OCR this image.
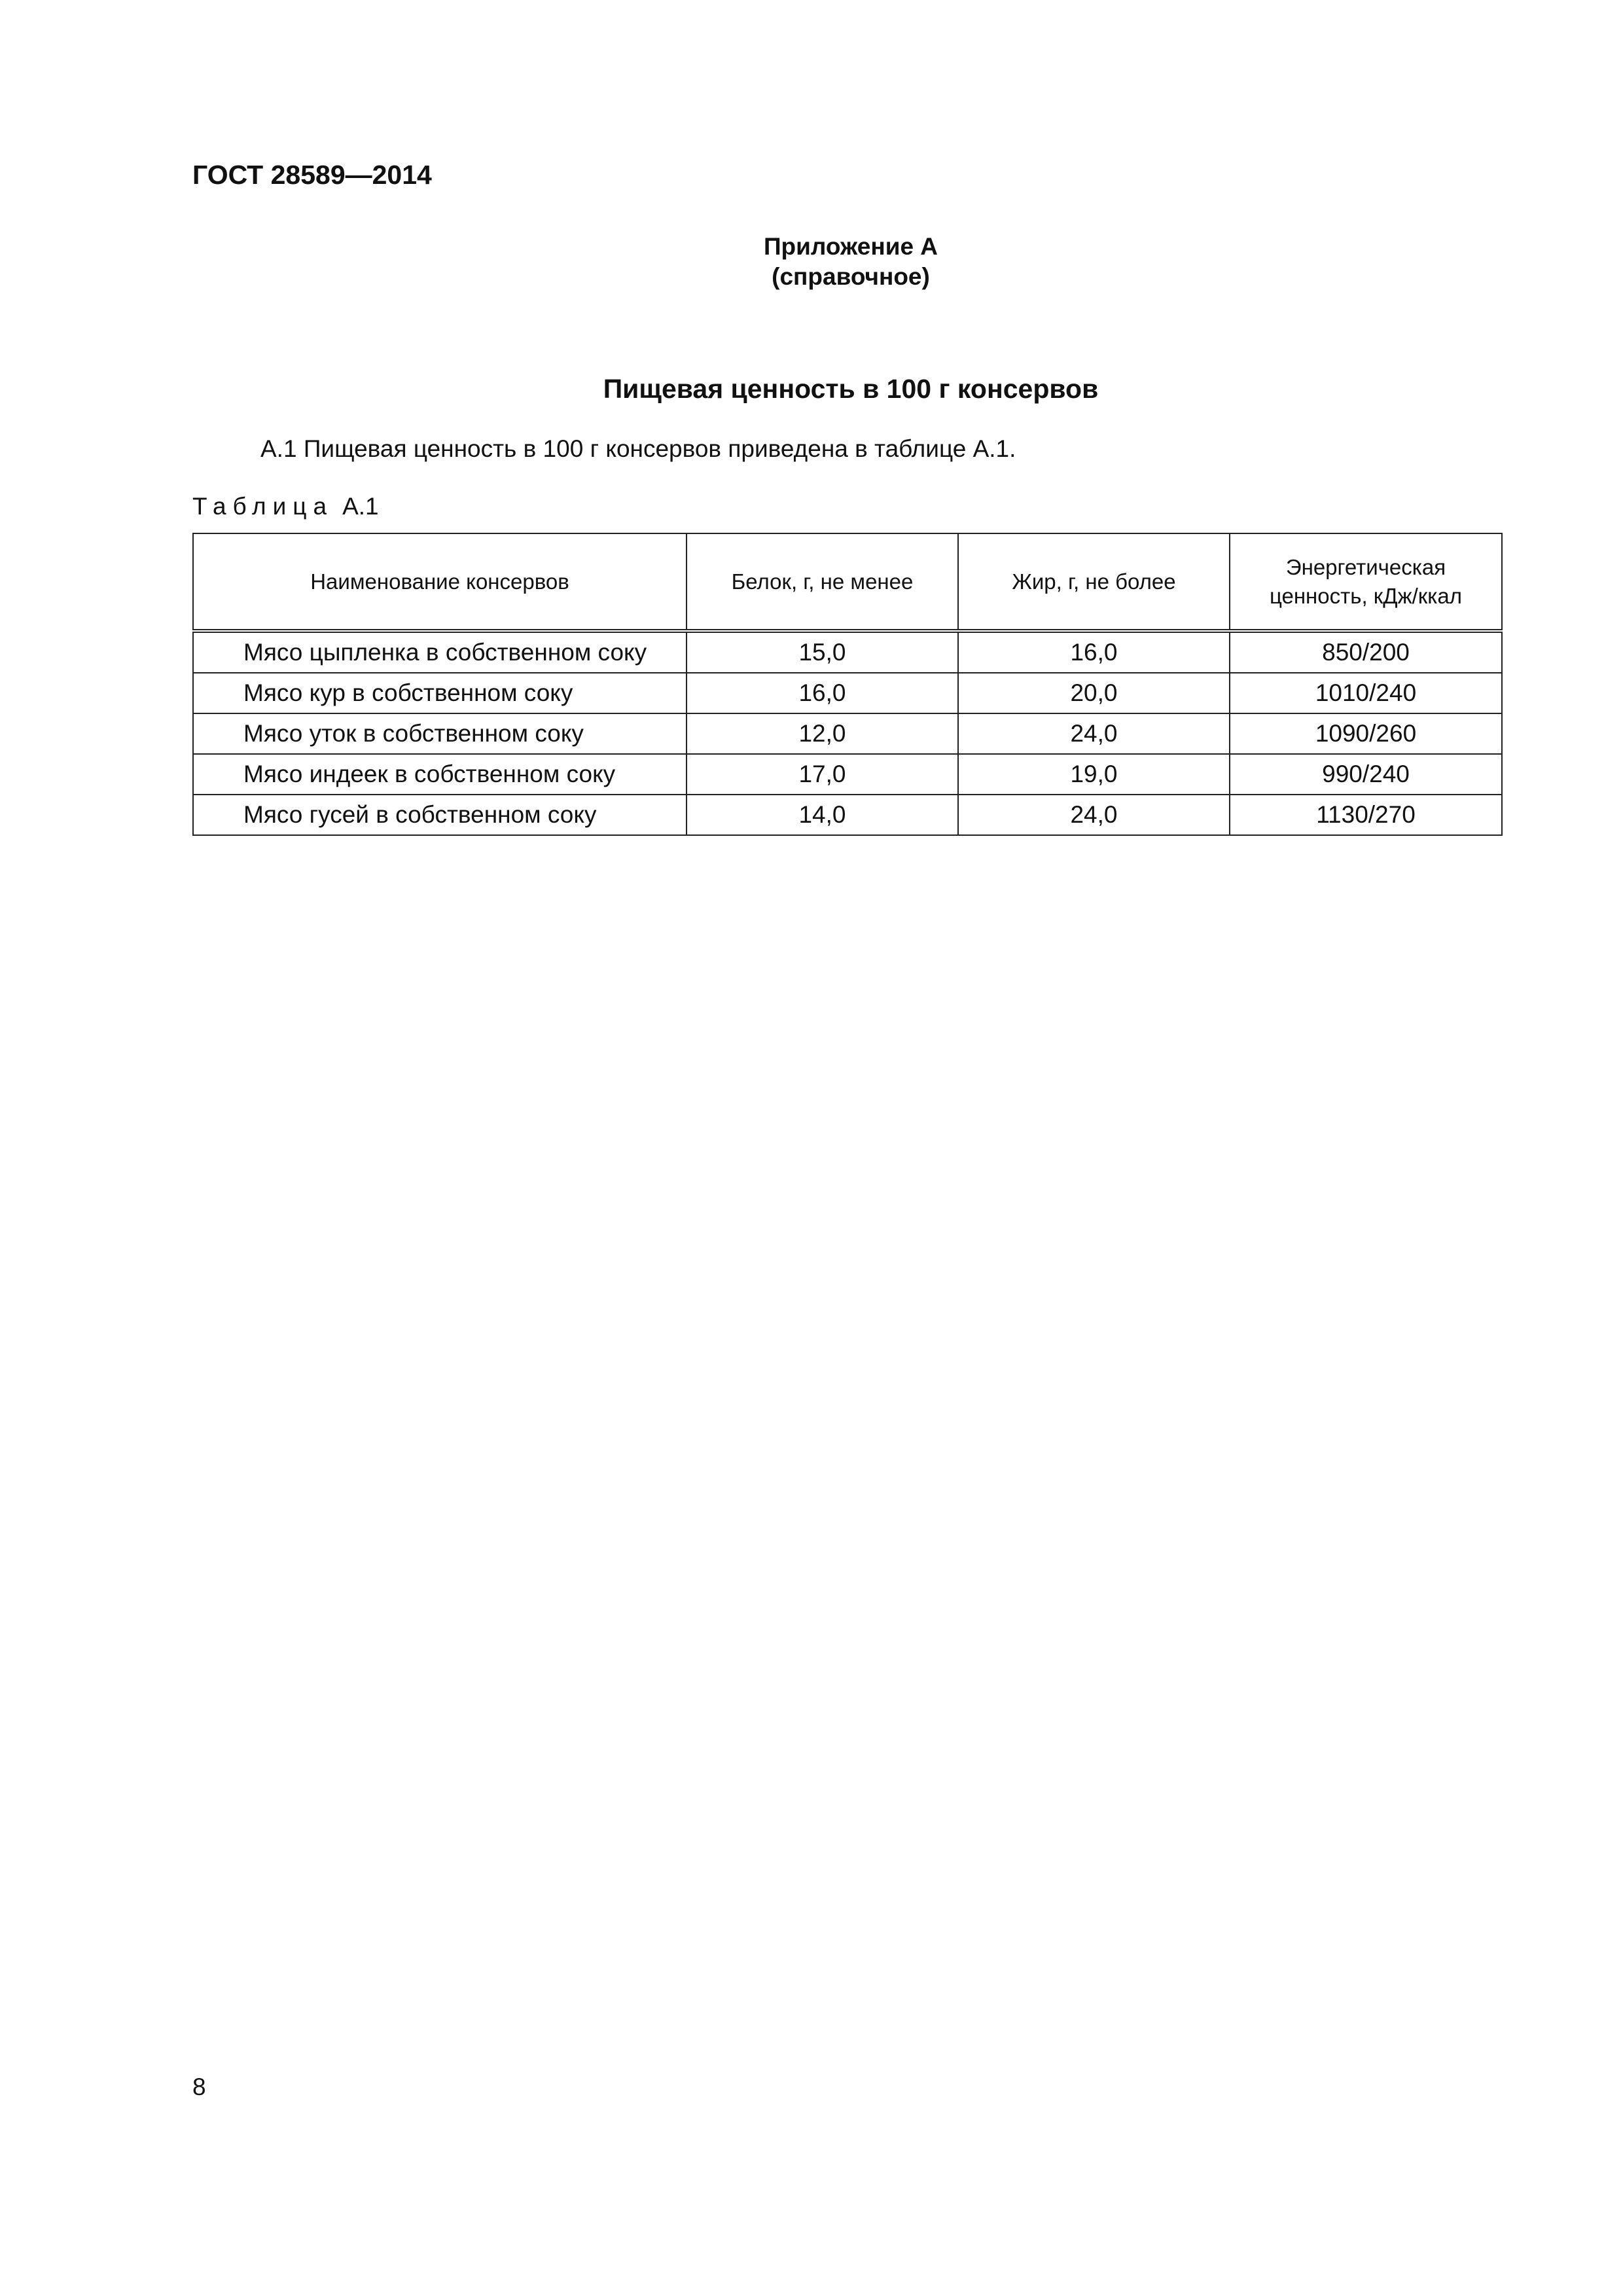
ГОСТ 28589—2014
Приложение А
(справочное)
Пищевая ценность в 100 г консервов
А.1 Пищевая ценность в 100 г консервов приведена в таблице А.1.
Таблица А.1
Наименование консервов	Белок, г, не менее	Жир, г, не более	Энергетическая ценность, кДж/ккал
Мясо цыпленка в собственном соку	15,0	16,0	850/200
Мясо кур в собственном соку	16,0	20,0	1010/240
Мясо уток в собственном соку	12,0	24,0	1090/260
Мясо индеек в собственном соку	17,0	19,0	990/240
Мясо гусей в собственном соку	14,0	24,0	1130/270
8
